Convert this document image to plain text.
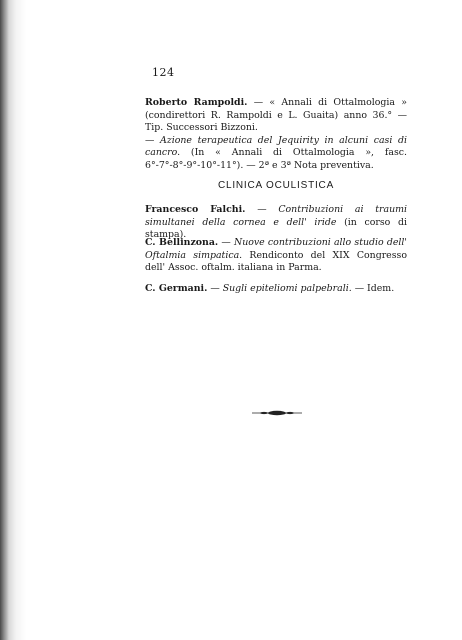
124
Roberto Rampoldi. — « Annali di Ottalmologia » (condirettori R. Rampoldi e L. Guaita) anno 36.° — Tip. Successori Bizzoni.
— Azione terapeutica del Jequirity in alcuni casi di cancro. (In « Annali di Ottalmologia », fasc. 6°-7°-8°-9°-10°-11°). — 2ª e 3ª Nota preventiva.
CLINICA OCULISTICA
Francesco Falchi. — Contribuzioni ai traumi simultanei della cornea e dell' iride (in corso di stampa).
C. Bellinzona. — Nuove contribuzioni allo studio dell' Oftalmia simpatica. Rendiconto del XIX Congresso dell' Assoc. oftalm. italiana in Parma.
C. Germani. — Sugli epiteliomi palpebrali. — Idem.
